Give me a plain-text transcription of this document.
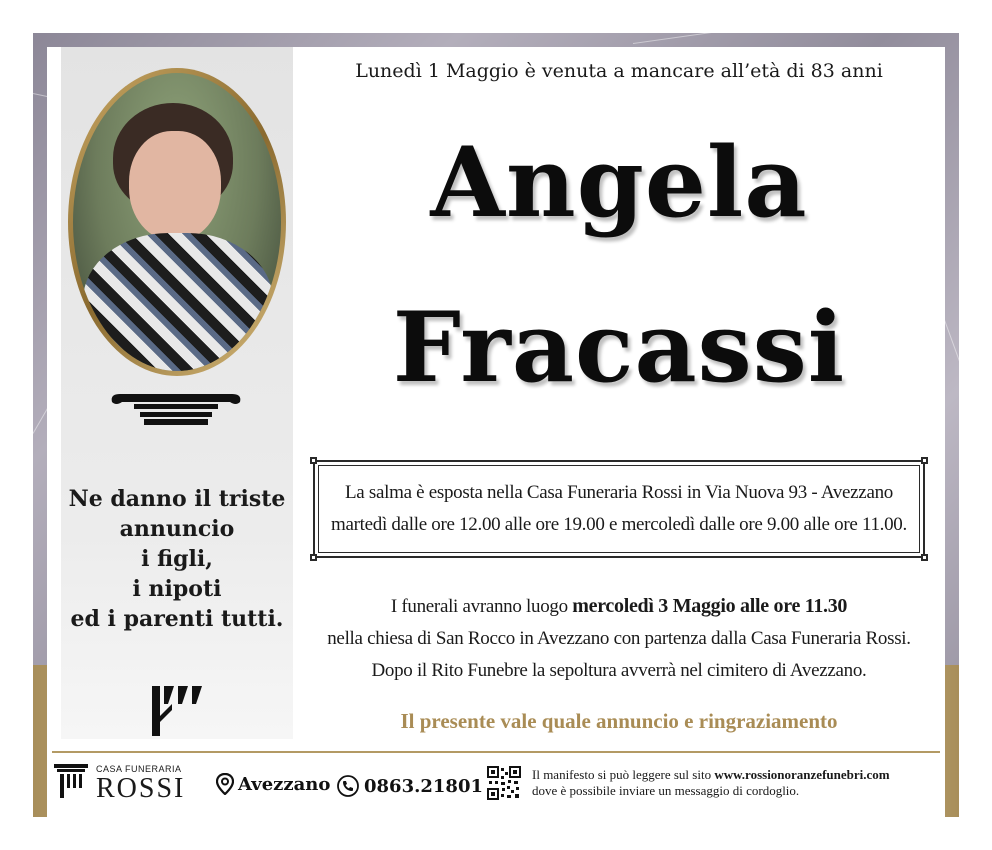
Ne danno il triste
annuncio
i figli,
i nipoti
ed i parenti tutti.
Lunedì 1 Maggio è venuta a mancare all’età di 83 anni
Angela
Fracassi
La salma è esposta nella Casa Funeraria Rossi in Via Nuova 93 - Avezzano
martedì dalle ore 12.00 alle ore 19.00 e mercoledì dalle ore 9.00 alle ore 11.00.
I funerali avranno luogo mercoledì 3 Maggio alle ore 11.30
nella chiesa di San Rocco in Avezzano con partenza dalla Casa Funeraria Rossi.
Dopo il Rito Funebre la sepoltura avverrà nel cimitero di Avezzano.
Il presente vale quale annuncio e ringraziamento
CASA FUNERARIA
ROSSI	Avezzano 0863.21801
Il manifesto si può leggere sul sito www.rossionoranzefunebri.com
dove è possibile inviare un messaggio di cordoglio.
